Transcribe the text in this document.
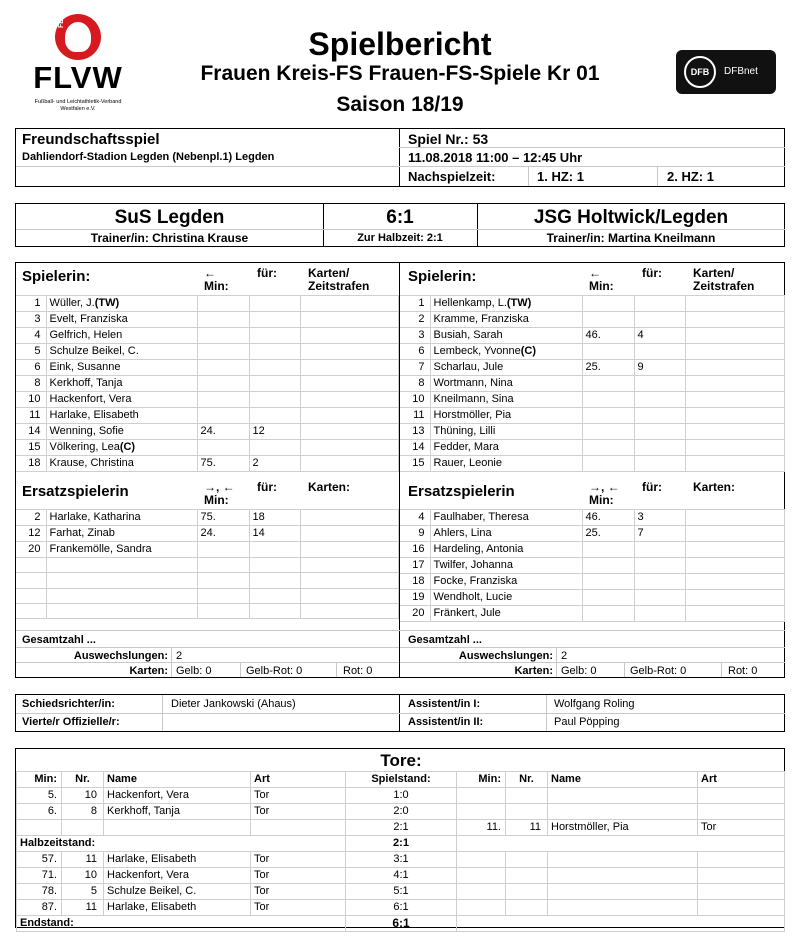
FLVW
FLVW
Fußball- und Leichtathletik-Verband Westfalen e.V.
Spielbericht
Frauen Kreis-FS Frauen-FS-Spiele Kr 01
Saison 18/19
DFB	DFBnet
Freundschaftsspiel
Dahliendorf-Stadion Legden (Nebenpl.1) Legden
Spiel Nr.: 53
11.08.2018 11:00 – 12:45 Uhr
Nachspielzeit:	1. HZ: 1	2. HZ: 1
SuS Legden	6:1	JSG Holtwick/Legden
Trainer/in: Christina Krause	Zur Halbzeit: 2:1	Trainer/in: Martina Kneilmann
Spielerin:	←
Min:
für:	Karten/
Zeitstrafen
Spielerin:	←
Min:
für:	Karten/
Zeitstrafen
1	Wüller, J.(TW)			
3	Evelt, Franziska			
4	Gelfrich, Helen			
5	Schulze Beikel, C.			
6	Eink, Susanne			
8	Kerkhoff, Tanja			
10	Hackenfort, Vera			
11	Harlake, Elisabeth			
14	Wenning, Sofie	24.	12	
15	Völkering, Lea(C)			
18	Krause, Christina	75.	2	
1	Hellenkamp, L.(TW)			
2	Kramme, Franziska			
3	Busiah, Sarah	46.	4	
6	Lembeck, Yvonne(C)			
7	Scharlau, Jule	25.	9	
8	Wortmann, Nina			
10	Kneilmann, Sina			
11	Horstmöller, Pia			
13	Thüning, Lilli			
14	Fedder, Mara			
15	Rauer, Leonie			
Ersatzspielerin	→, ←
Min:
für:	Karten:	Ersatzspielerin	→, ←
Min:
für:	Karten:
2	Harlake, Katharina	75.	18	
12	Farhat, Zinab	24.	14	
20	Frankemölle, Sandra			

4	Faulhaber, Theresa	46.	3	
9	Ahlers, Lina	25.	7	
16	Hardeling, Antonia			
17	Twilfer, Johanna			
18	Focke, Franziska			
19	Wendholt, Lucie			
20	Fränkert, Jule			
Gesamtzahl ...
Auswechslungen: 2
Karten: Gelb: 0	Gelb-Rot: 0	Rot: 0
Gesamtzahl ...
Auswechslungen: 2
Karten: Gelb: 0	Gelb-Rot: 0	Rot: 0
Schiedsrichter/in:	Dieter Jankowski (Ahaus)
Vierte/r Offizielle/r:
Assistent/in I:	Wolfgang Roling
Assistent/in II:	Paul Pöpping
Tore:
Min:	Nr.	Name	Art	Spielstand:	Min:	Nr.	Name	Art
5.	10	Hackenfort, Vera	Tor	1:0				
6.	8	Kerkhoff, Tanja	Tor	2:0				
				2:1	11.	11	Horstmöller, Pia	Tor
Halbzeitstand:				2:1				
57.	11	Harlake, Elisabeth	Tor	3:1				
71.	10	Hackenfort, Vera	Tor	4:1				
78.	5	Schulze Beikel, C.	Tor	5:1				
87.	11	Harlake, Elisabeth	Tor	6:1				
Endstand:				6:1				
